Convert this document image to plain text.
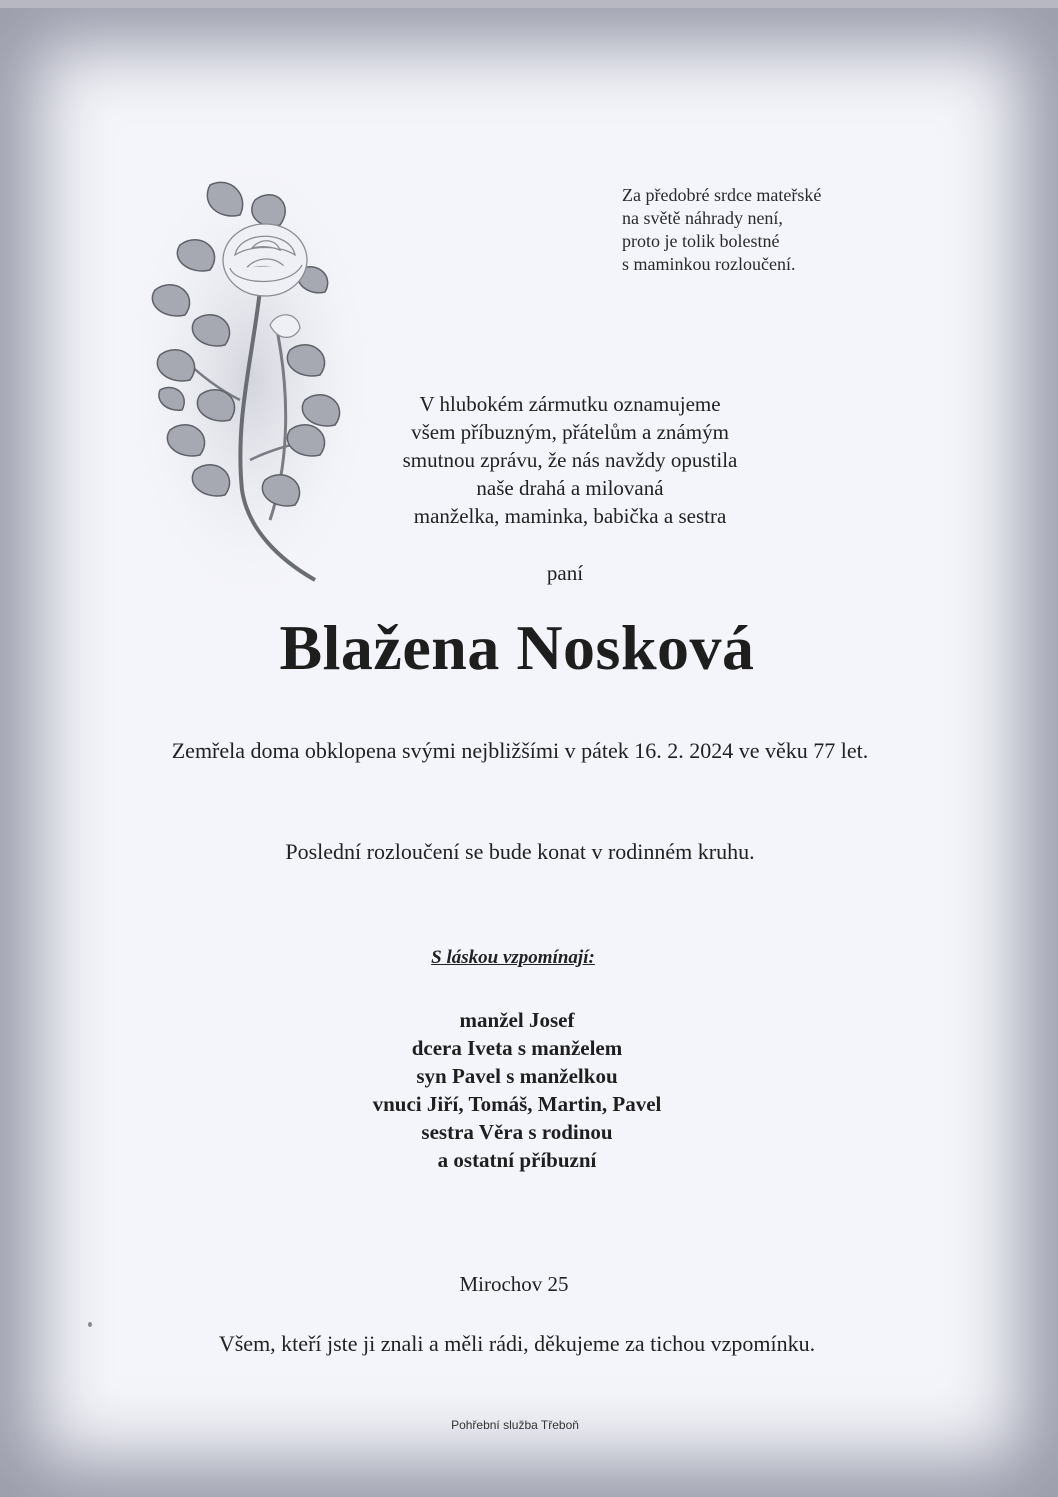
Za předobré srdce mateřské
na světě náhrady není,
proto je tolik bolestné
s maminkou rozloučení.
V hlubokém zármutku oznamujeme
všem příbuzným, přátelům a známým
smutnou zprávu, že nás navždy opustila
naše drahá a milovaná
manželka, maminka, babička a sestra
paní
Blažena Nosková
Zemřela doma obklopena svými nejbližšími v pátek 16. 2. 2024 ve věku 77 let.
Poslední rozloučení se bude konat v rodinném kruhu.
S láskou vzpomínají:
manžel Josef
dcera Iveta s manželem
syn Pavel s manželkou
vnuci Jiří, Tomáš, Martin, Pavel
sestra Věra s rodinou
a ostatní příbuzní
Mirochov 25
Všem, kteří jste ji znali a měli rádi, děkujeme za tichou vzpomínku.
Pohřební služba Třeboň
